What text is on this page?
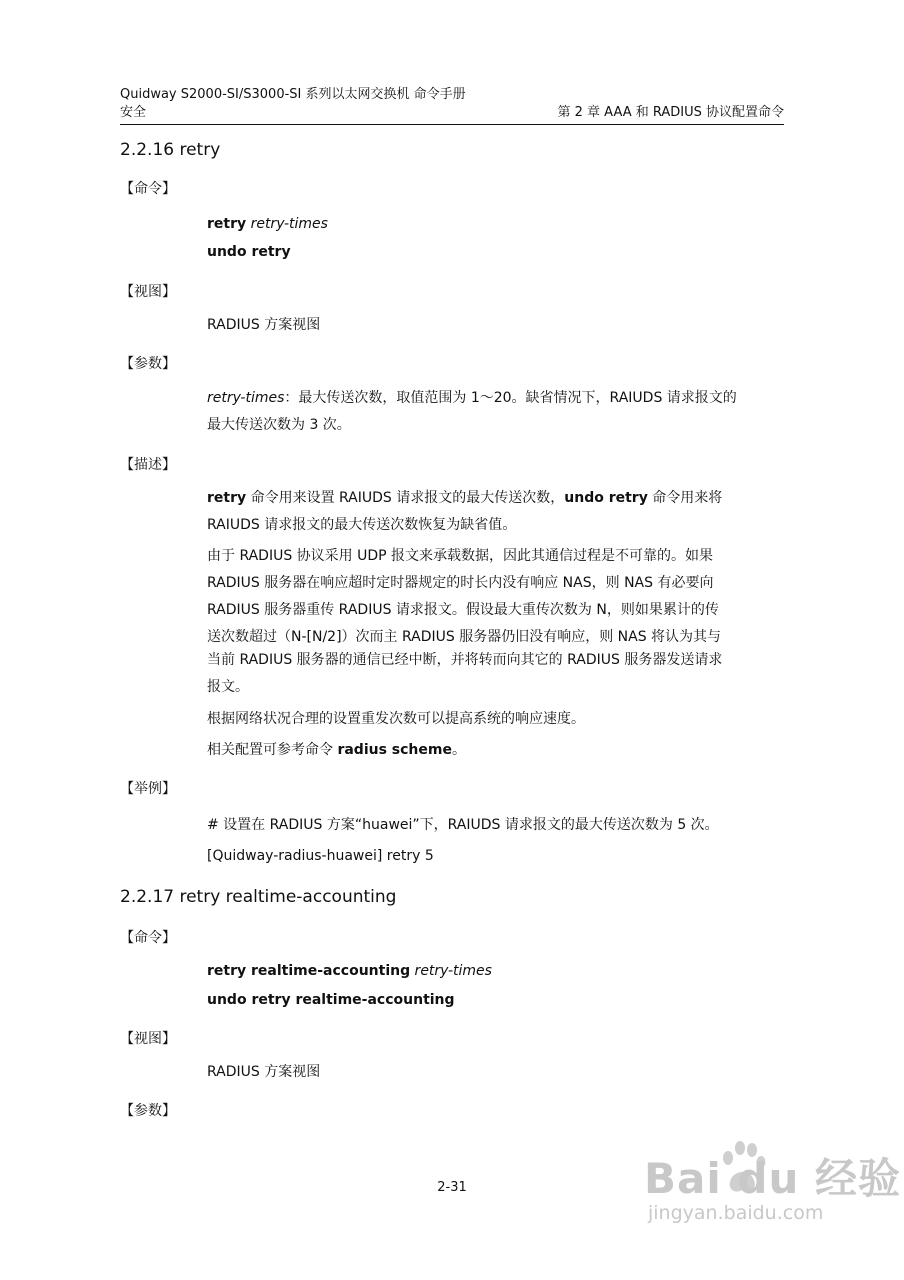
Quidway S2000-SI/S3000-SI 系列以太网交换机 命令手册
安全	第 2 章 AAA 和 RADIUS 协议配置命令
2.2.16 retry
【命令】
retry retry-times
undo retry
【视图】
RADIUS 方案视图
【参数】
retry-times：最大传送次数，取值范围为 1～20。缺省情况下，RAIUDS 请求报文的
最大传送次数为 3 次。
【描述】
retry 命令用来设置 RAIUDS 请求报文的最大传送次数，undo retry 命令用来将
RAIUDS 请求报文的最大传送次数恢复为缺省值。
由于 RADIUS 协议采用 UDP 报文来承载数据，因此其通信过程是不可靠的。如果
RADIUS 服务器在响应超时定时器规定的时长内没有响应 NAS，则 NAS 有必要向
RADIUS 服务器重传 RADIUS 请求报文。假设最大重传次数为 N，则如果累计的传
送次数超过（N-[N/2]）次而主 RADIUS 服务器仍旧没有响应，则 NAS 将认为其与
当前 RADIUS 服务器的通信已经中断，并将转而向其它的 RADIUS 服务器发送请求
报文。
根据网络状况合理的设置重发次数可以提高系统的响应速度。
相关配置可参考命令 radius scheme。
【举例】
# 设置在 RADIUS 方案“huawei”下，RAIUDS 请求报文的最大传送次数为 5 次。
[Quidway-radius-huawei] retry 5
2.2.17 retry realtime-accounting
【命令】
retry realtime-accounting retry-times
undo retry realtime-accounting
【视图】
RADIUS 方案视图
【参数】
2-31	Bai du 经验
jingyan.baidu.com
